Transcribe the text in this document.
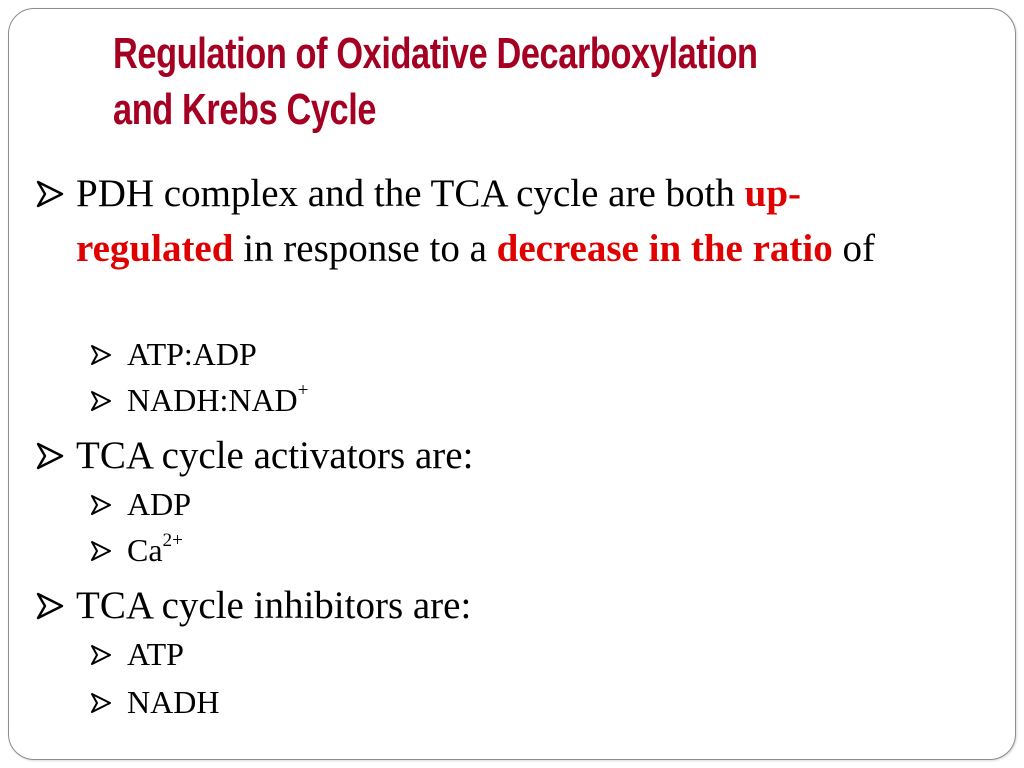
Regulation of Oxidative Decarboxylation
and Krebs Cycle
PDH complex and the TCA cycle are both up-regulated in response to a decrease in the ratio of
ATP:ADP
NADH:NAD+
TCA cycle activators are:
ADP
$Ca^{2+}$
TCA cycle inhibitors are:
ATP
NADH
